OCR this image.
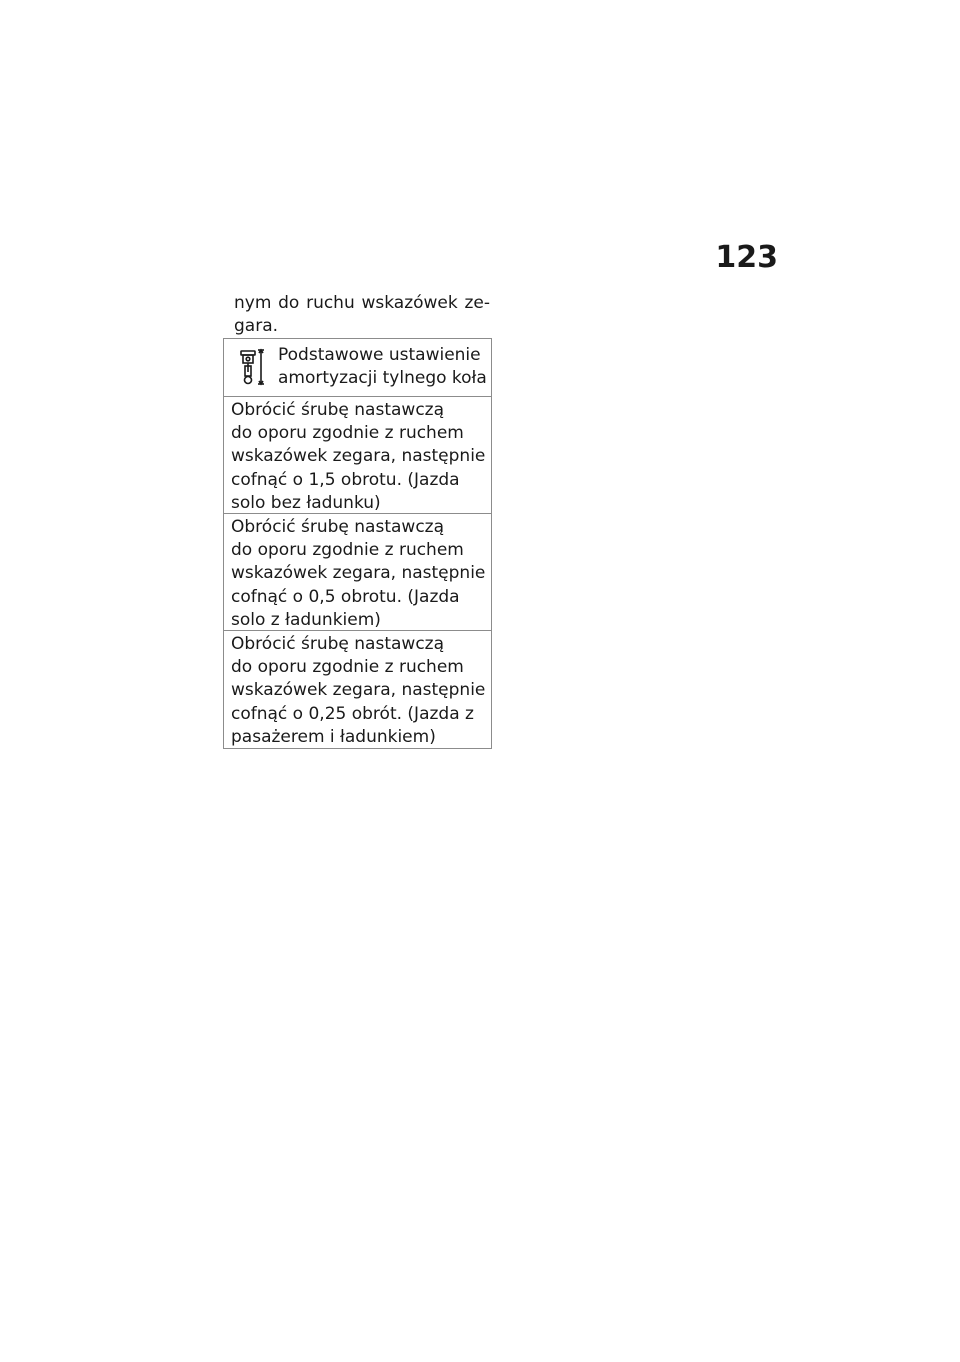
123
nym do ruchu wskazówek ze-gara.
Podstawowe ustawienie
amortyzacji tylnego koła
Obrócić śrubę nastawczą
do oporu zgodnie z ruchem
wskazówek zegara, następnie
cofnąć o 1,5 obrotu. (Jazda
solo bez ładunku)
Obrócić śrubę nastawczą
do oporu zgodnie z ruchem
wskazówek zegara, następnie
cofnąć o 0,5 obrotu. (Jazda
solo z ładunkiem)
Obrócić śrubę nastawczą
do oporu zgodnie z ruchem
wskazówek zegara, następnie
cofnąć o 0,25 obrót. (Jazda z
pasażerem i ładunkiem)
